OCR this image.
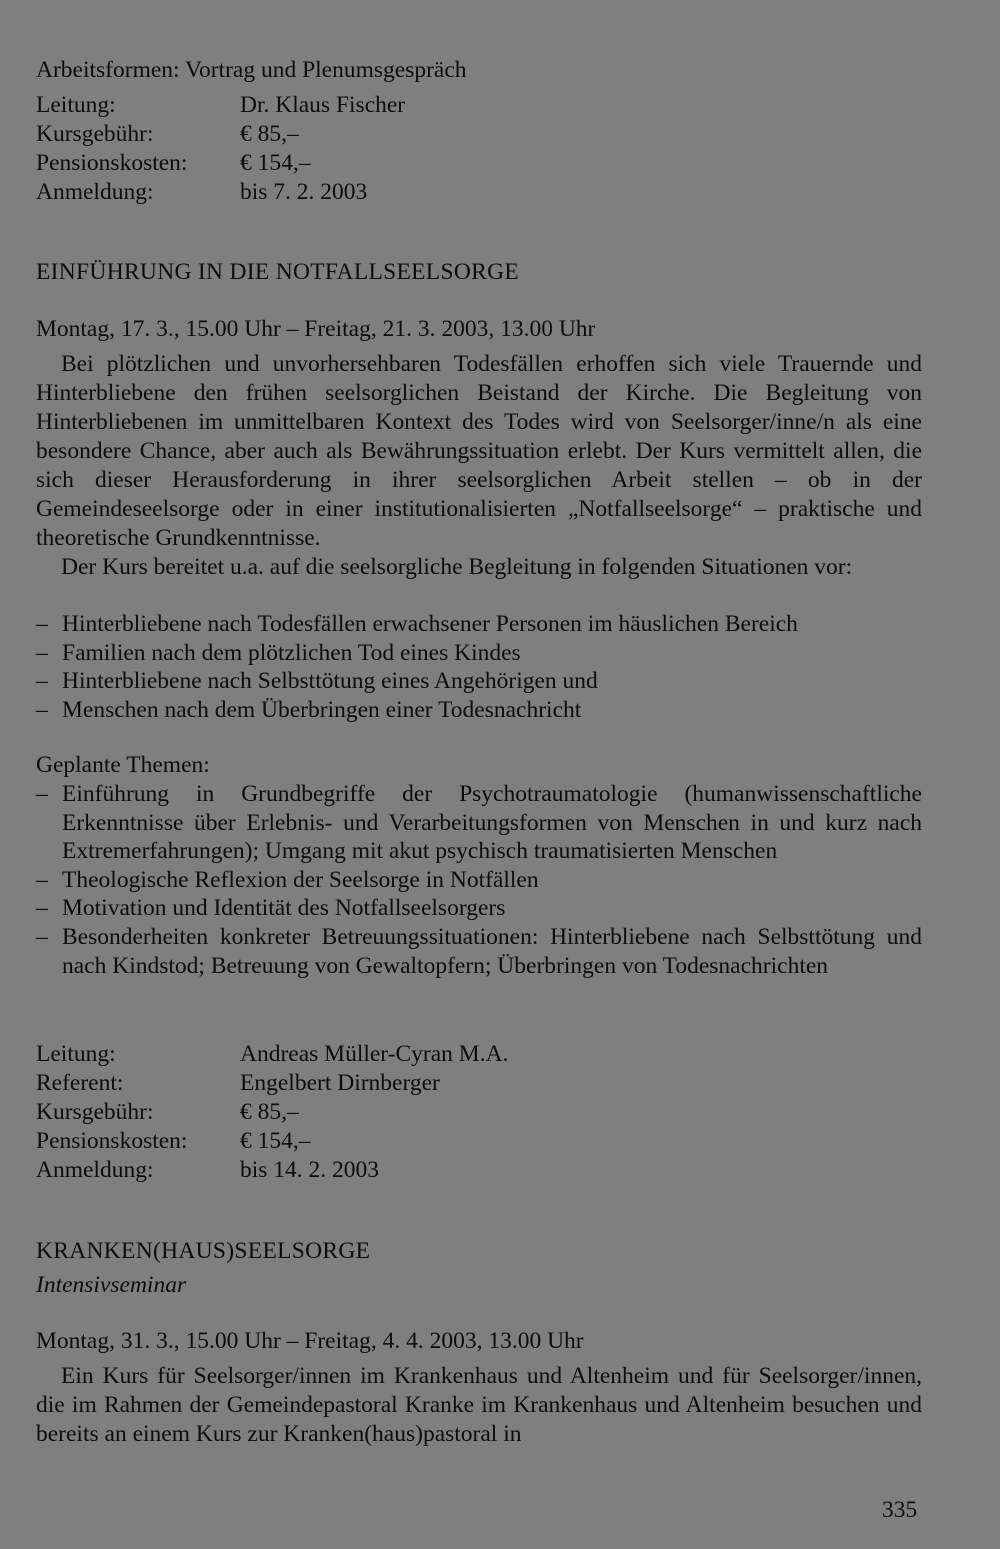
Arbeitsformen: Vortrag und Plenumsgespräch
Leitung:	Dr. Klaus Fischer
Kursgebühr:	€ 85,–
Pensionskosten: € 154,–
Anmeldung:	bis 7. 2. 2003
EINFÜHRUNG IN DIE NOTFALLSEELSORGE
Montag, 17. 3., 15.00 Uhr – Freitag, 21. 3. 2003, 13.00 Uhr

Bei plötzlichen und unvorhersehbaren Todesfällen erhoffen sich viele Trauernde und Hinterbliebene den frühen seelsorglichen Beistand der Kirche. Die Begleitung von Hinterbliebenen im unmittelbaren Kontext des Todes wird von Seelsorger/inne/n als eine besondere Chance, aber auch als Bewährungssituation erlebt. Der Kurs vermittelt allen, die sich dieser Herausforderung in ihrer seelsorglichen Arbeit stellen – ob in der Gemeindeseelsorge oder in einer institutionalisierten „Notfallseelsorge“ – praktische und theoretische Grundkenntnisse.

Der Kurs bereitet u.a. auf die seelsorgliche Begleitung in folgenden Situationen vor:

– Hinterbliebene nach Todesfällen erwachsener Personen im häuslichen Bereich
– Familien nach dem plötzlichen Tod eines Kindes
– Hinterbliebene nach Selbsttötung eines Angehörigen und
– Menschen nach dem Überbringen einer Todesnachricht
Geplante Themen:
– Einführung in Grundbegriffe der Psychotraumatologie (humanwissenschaftliche Erkenntnisse über Erlebnis- und Verarbeitungsformen von Menschen in und kurz nach Extremerfahrungen); Umgang mit akut psychisch traumatisierten Menschen
– Theologische Reflexion der Seelsorge in Notfällen
– Motivation und Identität des Notfallseelsorgers
– Besonderheiten konkreter Betreuungssituationen: Hinterbliebene nach Selbsttötung und nach Kindstod; Betreuung von Gewaltopfern; Überbringen von Todesnachrichten
Leitung:	Andreas Müller-Cyran M.A.
Referent:	Engelbert Dirnberger
Kursgebühr:	€ 85,–
Pensionskosten: € 154,–
Anmeldung:	bis 14. 2. 2003
KRANKEN(HAUS)SEELSORGE
Intensivseminar
Montag, 31. 3., 15.00 Uhr – Freitag, 4. 4. 2003, 13.00 Uhr

Ein Kurs für Seelsorger/innen im Krankenhaus und Altenheim und für Seelsorger/innen, die im Rahmen der Gemeindepastoral Kranke im Krankenhaus und Altenheim besuchen und bereits an einem Kurs zur Kranken(haus)pastoral in

335
